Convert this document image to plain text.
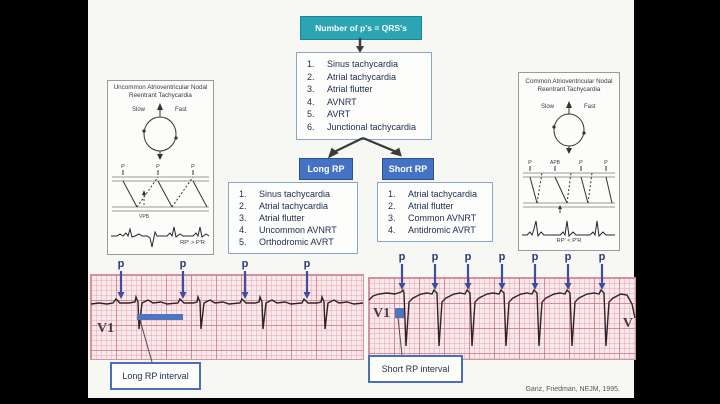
Number of p's = QRS's
Sinus tachycardia
Atrial tachycardia
Atrial flutter
AVNRT
AVRT
Junctional tachycardia
Long RP	Short RP
Sinus tachycardia
Atrial tachycardia
Atrial flutter
Uncommon AVNRT
Orthodromic AVRT
Atrial tachycardia
Atrial flutter
Common AVNRT
Antidromic AVRT
Uncommon Atrioventricular Nodal
Reentrant Tachycardia
Slow	Fast
P	P	P
VPB
RP' > P'R
Common Atrioventricular Nodal
Reentrant Tachycardia
Slow	Fast
P	APB	P	P
RP' < P'R
V1
p	p	p	p
V1
V
p p p p p p p
Long RP interval
Short RP interval
Ganz, Friedman, NEJM, 1995.
